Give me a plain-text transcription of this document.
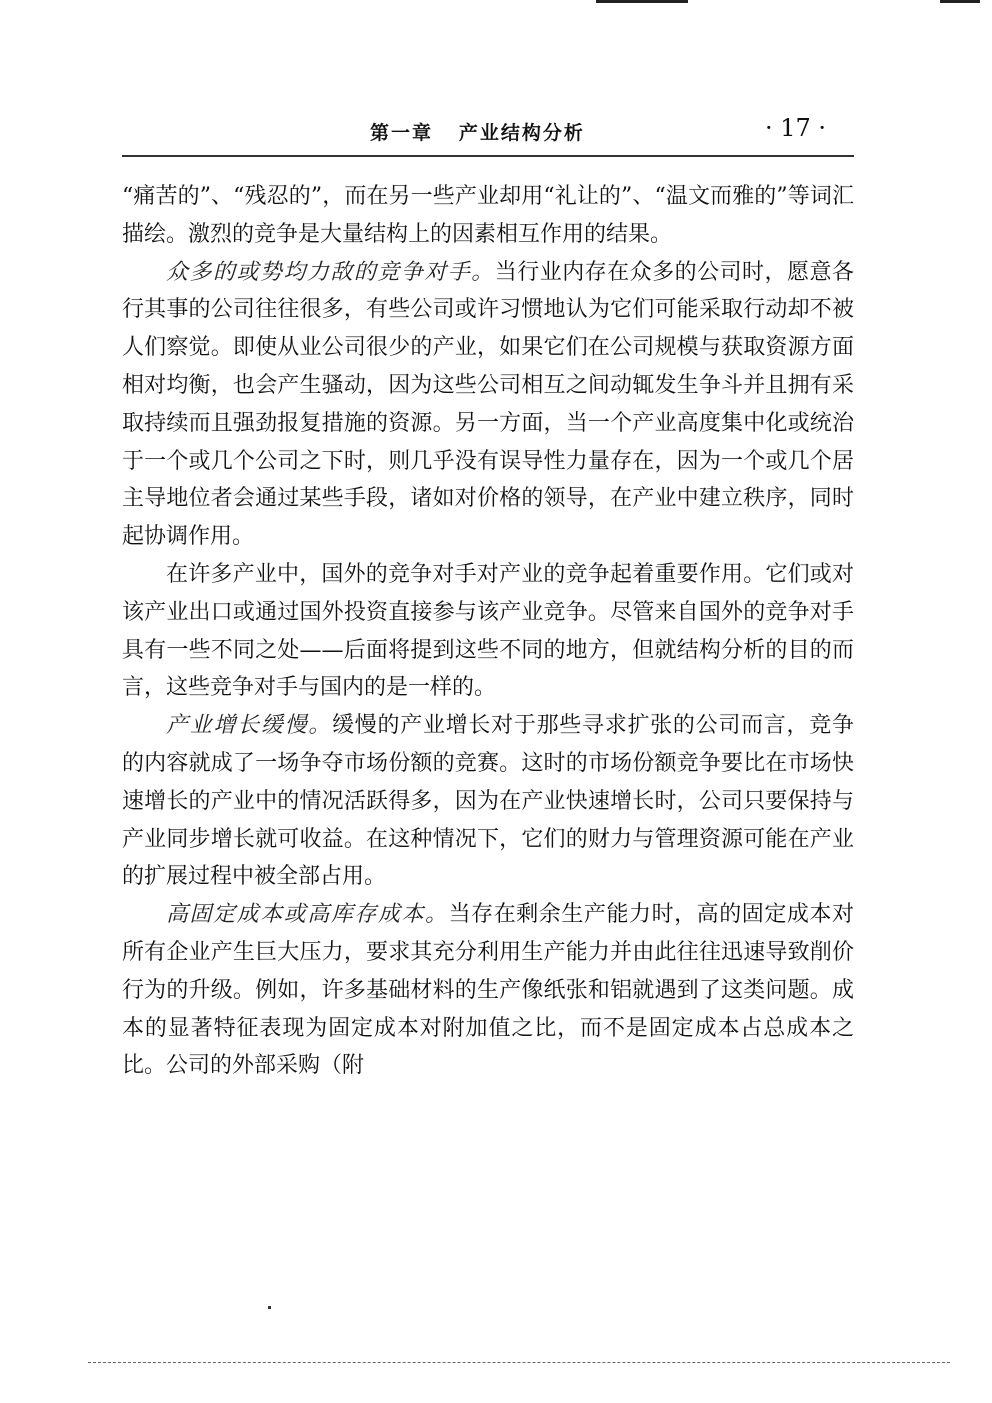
第一章   产业结构分析	· 17 ·

“痛苦的”、“残忍的”，而在另一些产业却用“礼让的”、“温文而雅的”等词汇描绘。激烈的竞争是大量结构上的因素相互作用的结果。

众多的或势均力敌的竞争对手。当行业内存在众多的公司时，愿意各行其事的公司往往很多，有些公司或许习惯地认为它们可能采取行动却不被人们察觉。即使从业公司很少的产业，如果它们在公司规模与获取资源方面相对均衡，也会产生骚动，因为这些公司相互之间动辄发生争斗并且拥有采取持续而且强劲报复措施的资源。另一方面，当一个产业高度集中化或统治于一个或几个公司之下时，则几乎没有误导性力量存在，因为一个或几个居主导地位者会通过某些手段，诸如对价格的领导，在产业中建立秩序，同时起协调作用。

在许多产业中，国外的竞争对手对产业的竞争起着重要作用。它们或对该产业出口或通过国外投资直接参与该产业竞争。尽管来自国外的竞争对手具有一些不同之处——后面将提到这些不同的地方，但就结构分析的目的而言，这些竞争对手与国内的是一样的。

产业增长缓慢。缓慢的产业增长对于那些寻求扩张的公司而言，竞争的内容就成了一场争夺市场份额的竞赛。这时的市场份额竞争要比在市场快速增长的产业中的情况活跃得多，因为在产业快速增长时，公司只要保持与产业同步增长就可收益。在这种情况下，它们的财力与管理资源可能在产业的扩展过程中被全部占用。

高固定成本或高库存成本。当存在剩余生产能力时，高的固定成本对所有企业产生巨大压力，要求其充分利用生产能力并由此往往迅速导致削价行为的升级。例如，许多基础材料的生产像纸张和铝就遇到了这类问题。成本的显著特征表现为固定成本对附加值之比，而不是固定成本占总成本之比。公司的外部采购（附
